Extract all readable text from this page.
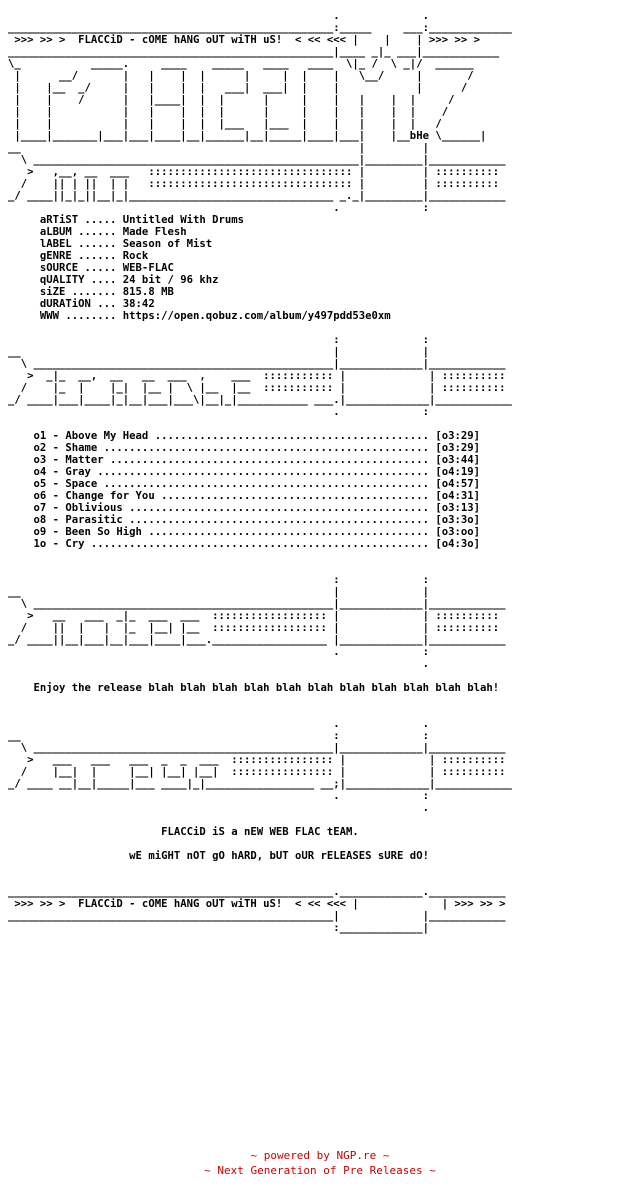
.             .
___________________________________________________:_____     ___:_____________
>>> >> >  FLACCiD - cOME hANG oUT wiTH uS!  < << <<< |    |    | >>> >> >
___________________________________________________|____ _|_ ___|____________
\_           _____.     ____    _____   ____   ____  \|_ /  \ _|/  ______
|      __/       |   |    |  |      |     |  |    |   \__/     |       /
|    |__  _/     |   |    |  |   ___|  ___|  |    |            |      /
|    |    /      |   |____|  |  |      |     |    |   |    |  |     /
|    |           |   |    |  |  |      |     |    |   |    |  |    /
|    |           |   |    |  |  |___   |___  |    |   |    |  |   /
|____|_______|___|___|____|__|______|__|_____|____|___|    |__bHe \______|
__                                                     |         |
\ ___________________________________________________|_________|____________
>   ,__, __  ___   :::::::::::::::::::::::::::::::: |         | ::::::::::
/    || | ||  | |   :::::::::::::::::::::::::::::::: |         | ::::::::::
_/ ____||_|_||__|_|________________________________ _._|_________|____________
.             :
aRTiST ..... Untitled With Drums
aLBUM ...... Made Flesh
lABEL ...... Season of Mist
gENRE ...... Rock
sOURCE ..... WEB-FLAC
qUALITY .... 24 bit / 96 khz
siZE ....... 815.8 MB
dURATiON ... 38:42
WWW ........ https://open.qobuz.com/album/y497pdd53e0xm

:             :
__                                                 |             |
\ _______________________________________________|_____________|____________
>  _|_  __,  __   __  ___  ,    ___  ::::::::::: |             | ::::::::::
/    |_  |    |_|  |__ |  \ |__  |__  ::::::::::: |             | ::::::::::
_/ ____|___|____|_|__|___|___\|__|_|___________ ___.|_____________|____________
.             :

o1 - Above My Head ........................................... [o3:29]
o2 - Shame ................................................... [o3:29]
o3 - Matter .................................................. [o3:44]
o4 - Gray .................................................... [o4:19]
o5 - Space ................................................... [o4:57]
o6 - Change for You .......................................... [o4:31]
o7 - Oblivious ............................................... [o3:13]
o8 - Parasitic ............................................... [o3:3o]
o9 - Been So High ............................................ [o3:oo]
1o - Cry ..................................................... [o4:3o]

:             :
__                                                 |             |
\ _______________________________________________|_____________|____________
>   __   ___  _|_  ___  ___  :::::::::::::::::: |             | ::::::::::
/    ||  |   |  |_  |__| |__  :::::::::::::::::: |             | ::::::::::
_/ ____||__|___|__|___|____|___.__________________ |_____________|____________
.             :
.

Enjoy the release blah blah blah blah blah blah blah blah blah blah blah!

.             .
__                                                 :             :
\ _______________________________________________|_____________|____________
>   ___   ___   ___  _  _  ___  :::::::::::::::: |             | ::::::::::
/    |__|  |     |__| |__| |__|  :::::::::::::::: |             | ::::::::::
_/ ____ __|__|_____|___ ____|_|_________________ __;|_____________|____________
.             :
.

FLACCiD iS a nEW WEB FLAC tEAM.

wE miGHT nOT gO hARD, bUT oUR rELEASES sURE dO!

___________________________________________________._____________.____________
>>> >> >  FLACCiD - cOME hANG oUT wiTH uS!  < << <<< |             | >>> >> >
___________________________________________________|             |____________
:_____________|
~ powered by NGP.re ~
~ Next Generation of Pre Releases ~
